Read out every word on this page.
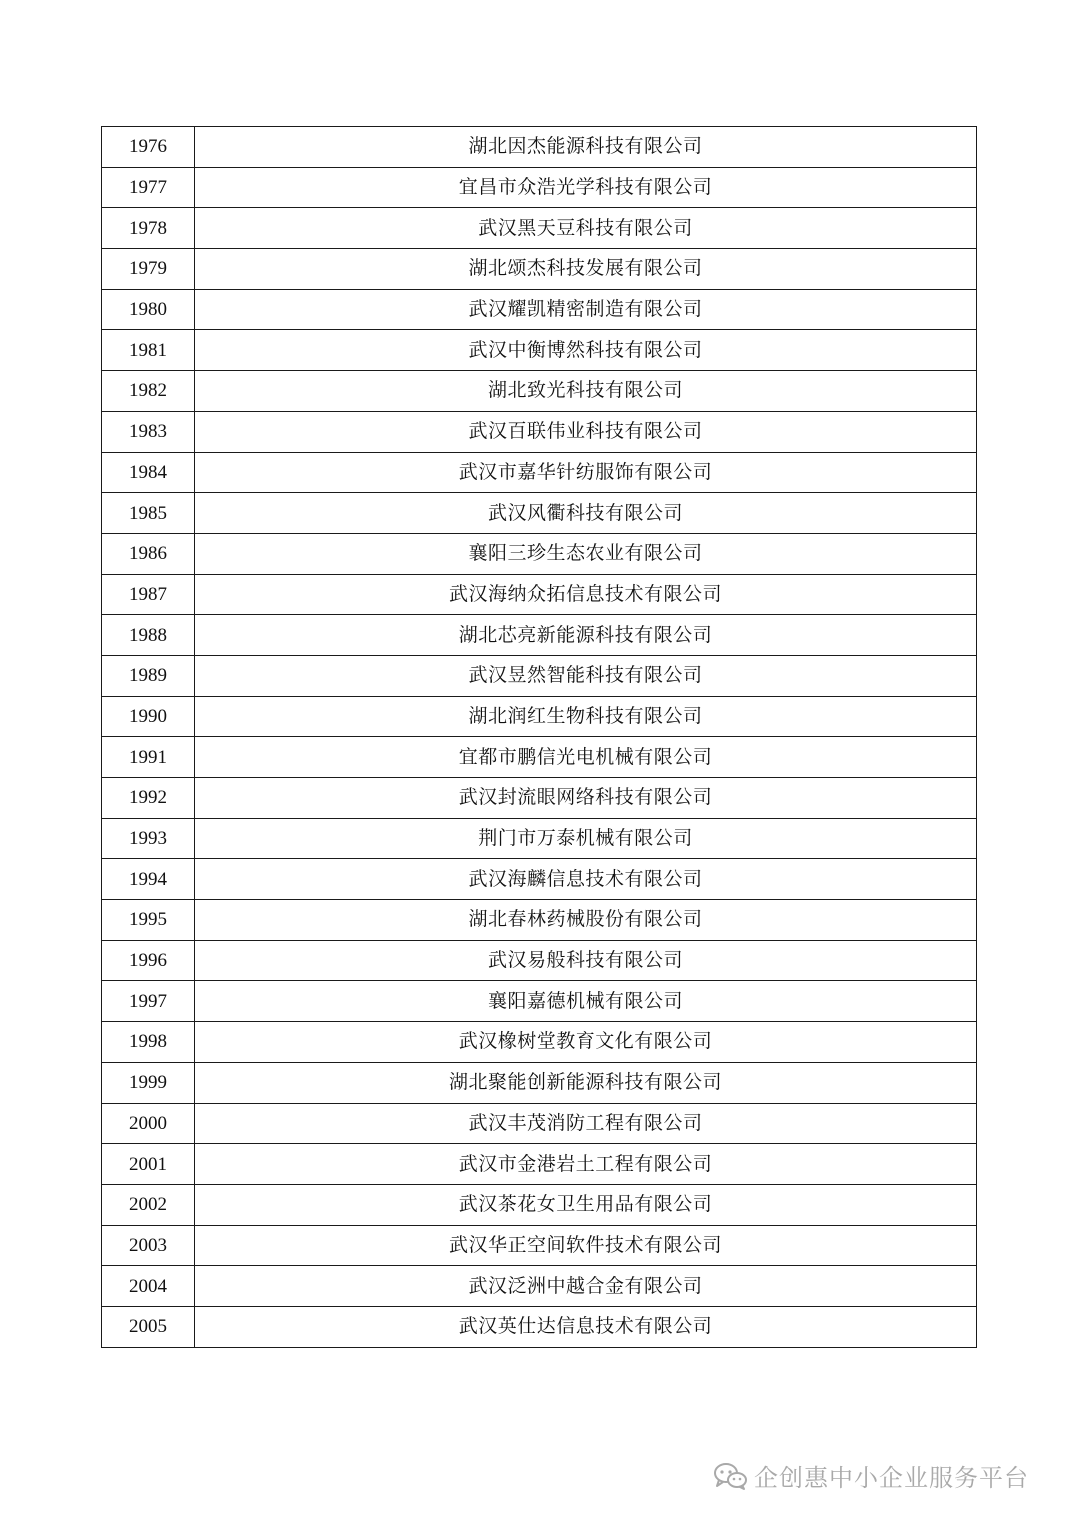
1976	湖北因杰能源科技有限公司
1977	宜昌市众浩光学科技有限公司
1978	武汉黑天豆科技有限公司
1979	湖北颂杰科技发展有限公司
1980	武汉耀凯精密制造有限公司
1981	武汉中衡博然科技有限公司
1982	湖北致光科技有限公司
1983	武汉百联伟业科技有限公司
1984	武汉市嘉华针纺服饰有限公司
1985	武汉风衢科技有限公司
1986	襄阳三珍生态农业有限公司
1987	武汉海纳众拓信息技术有限公司
1988	湖北芯亮新能源科技有限公司
1989	武汉昱然智能科技有限公司
1990	湖北润红生物科技有限公司
1991	宜都市鹏信光电机械有限公司
1992	武汉封流眼网络科技有限公司
1993	荆门市万泰机械有限公司
1994	武汉海麟信息技术有限公司
1995	湖北春林药械股份有限公司
1996	武汉易般科技有限公司
1997	襄阳嘉德机械有限公司
1998	武汉橡树堂教育文化有限公司
1999	湖北聚能创新能源科技有限公司
2000	武汉丰茂消防工程有限公司
2001	武汉市金港岩土工程有限公司
2002	武汉茶花女卫生用品有限公司
2003	武汉华正空间软件技术有限公司
2004	武汉泛洲中越合金有限公司
2005	武汉英仕达信息技术有限公司
企创惠中小企业服务平台
